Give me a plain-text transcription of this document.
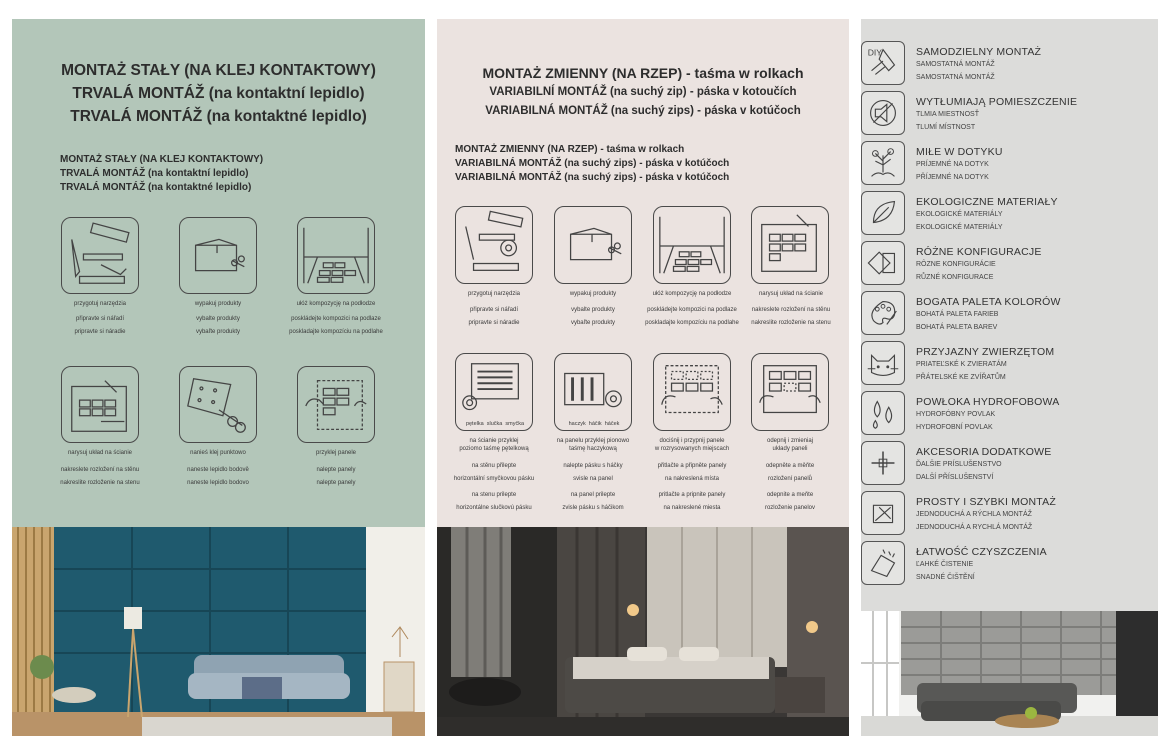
MONTAŻ STAŁY (NA KLEJ KONTAKTOWY)
TRVALÁ MONTÁŽ (na kontaktní lepidlo)
TRVALÁ MONTÁŽ (na kontaktné lepidlo)
MONTAŻ STAŁY (NA KLEJ KONTAKTOWY)
TRVALÁ MONTÁŽ (na kontaktní lepidlo)
TRVALÁ MONTÁŽ (na kontaktné lepidlo)
przygotuj narzędzia
připravte si nářadí
pripravte si náradie
wypakuj produkty
vybalte produkty
vybaľte produkty
ułóż kompozycję na podłodze
poskládejte kompozici na podlaze
poskladajte kompozíciu na podlahe
narysuj układ na ścianie
nakreslete rozložení na stěnu
nakreslite rozloženie na stenu
nanieś klej punktowo
naneste lepidlo bodově
naneste lepidlo bodovo
przyklej panele
nalepte panely
nalepte panely
MONTAŻ ZMIENNY (NA RZEP) - taśma w rolkach
VARIABILNÍ MONTÁŽ (na suchý zip) - páska v kotoučích
VARIABILNÁ MONTÁŽ (na suchý zips) - páska v kotúčoch
MONTAŻ ZMIENNY (NA RZEP) - taśma w rolkach
VARIABILNÁ MONTÁŽ (na suchý zips) - páska v kotúčoch
VARIABILNÁ MONTÁŽ (na suchý zips) - páska v kotúčoch
przygotuj narzędzia
připravte si nářadí
pripravte si náradie
wypakuj produkty
vybalte produkty
vybaľte produkty
ułóż kompozycję na podłodze
poskládejte kompozici na podlaze
poskladajte kompozíciu na podlahe
narysuj układ na ścianie
nakreslete rozložení na stěnu
nakreslite rozloženie na stenu
pętelka slučka smyčka	haczyk háčik háček
na ścianie przyklej
poziomo taśmę pętelkową
na stěnu přilepte
horizontální smyčkovou pásku
na stenu prilepte
horizontálne slučkovú pásku
na panelu przyklej pionowo
taśmę haczykową
nalepte pásku s háčky
svisle na panel
na panel prilepte
zvisle pásku s háčikom
dociśnij i przypnij panele
w rozrysowanych miejscach
přitlačte a připněte panely
na nakreslená místa
pritlačte a pripnite panely
na nakreslené miesta
odepnij i zmieniaj
układy paneli
odepněte a měňte
rozložení panelů
odepnite a meňte
rozloženie panelov
DIY	SAMODZIELNY MONTAŻ
SAMOSTATNÁ MONTÁŽ
SAMOSTATNÁ MONTÁŽ
WYTŁUMIAJĄ POMIESZCZENIE
TLMIA MIESTNOSŤ
TLUMÍ MÍSTNOST
MIŁE W DOTYKU
PRÍJEMNÉ NA DOTYK
PŘÍJEMNÉ NA DOTYK
EKOLOGICZNE MATERIAŁY
EKOLOGICKÉ MATERIÁLY
EKOLOGICKÉ MATERIÁLY
RÓŻNE KONFIGURACJE
RÔZNE KONFIGURÁCIE
RŮZNÉ KONFIGURACE
BOGATA PALETA KOLORÓW
BOHATÁ PALETA FARIEB
BOHATÁ PALETA BAREV
PRZYJAZNY ZWIERZĘTOM
PRIATEĽSKÉ K ZVIERATÁM
PŘÁTELSKÉ KE ZVÍŘATŮM
POWŁOKA HYDROFOBOWA
HYDROFÓBNY POVLAK
HYDROFOBNÍ POVLAK
AKCESORIA DODATKOWE
ĎALŠIE PRÍSLUŠENSTVO
DALŠÍ PŘÍSLUŠENSTVÍ
PROSTY I SZYBKI MONTAŻ
JEDNODUCHÁ A RÝCHLA MONTÁŽ
JEDNODUCHÁ A RYCHLÁ MONTÁŽ
ŁATWOŚĆ CZYSZCZENIA
ĽAHKÉ ČISTENIE
SNADNÉ ČIŠTĚNÍ
